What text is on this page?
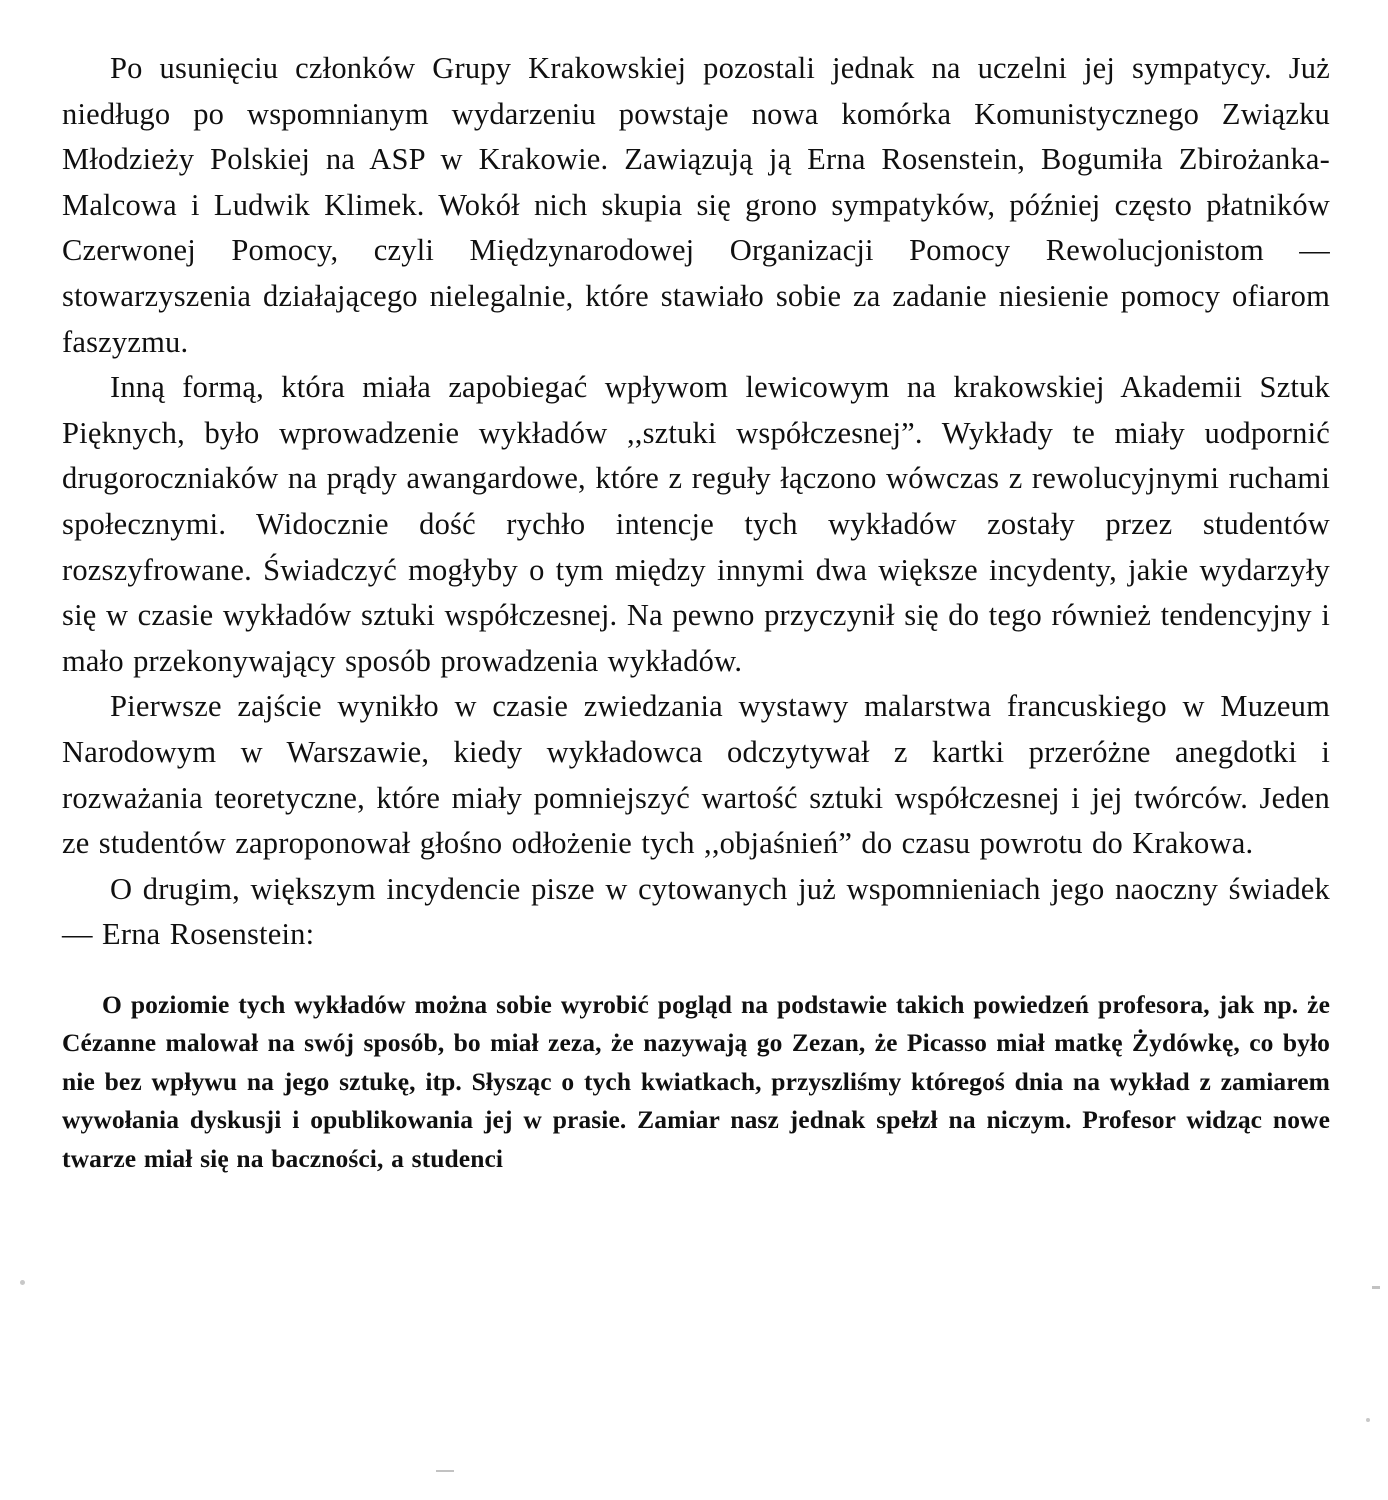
Po usunięciu członków Grupy Krakowskiej pozostali jednak na uczelni jej sympatycy. Już niedługo po wspomnianym wydarzeniu powstaje nowa komórka Komunistycznego Związku Młodzieży Polskiej na ASP w Krakowie. Zawiązują ją Erna Rosenstein, Bogumiła Zbirożanka-Malcowa i Ludwik Klimek. Wokół nich skupia się grono sympatyków, później często płatników Czerwonej Pomocy, czyli Międzynarodowej Organizacji Pomocy Rewolucjonistom — stowarzyszenia działającego nielegalnie, które stawiało sobie za zadanie niesienie pomocy ofiarom faszyzmu.

Inną formą, która miała zapobiegać wpływom lewicowym na krakowskiej Akademii Sztuk Pięknych, było wprowadzenie wykładów ,,sztuki współczesnej”. Wykłady te miały uodpornić drugoroczniaków na prądy awangardowe, które z reguły łączono wówczas z rewolucyjnymi ruchami społecznymi. Widocznie dość rychło intencje tych wykładów zostały przez studentów rozszyfrowane. Świadczyć mogłyby o tym między innymi dwa większe incydenty, jakie wydarzyły się w czasie wykładów sztuki współczesnej. Na pewno przyczynił się do tego również tendencyjny i mało przekonywający sposób prowadzenia wykładów.

Pierwsze zajście wynikło w czasie zwiedzania wystawy malarstwa francuskiego w Muzeum Narodowym w Warszawie, kiedy wykładowca odczytywał z kartki przeróżne anegdotki i rozważania teoretyczne, które miały pomniejszyć wartość sztuki współczesnej i jej twórców. Jeden ze studentów zaproponował głośno odłożenie tych ,,objaśnień” do czasu powrotu do Krakowa.

O drugim, większym incydencie pisze w cytowanych już wspomnieniach jego naoczny świadek — Erna Rosenstein:

O poziomie tych wykładów można sobie wyrobić pogląd na podstawie takich powiedzeń profesora, jak np. że Cézanne malował na swój sposób, bo miał zeza, że nazywają go Zezan, że Picasso miał matkę Żydówkę, co było nie bez wpływu na jego sztukę, itp. Słysząc o tych kwiatkach, przyszliśmy któregoś dnia na wykład z zamiarem wywołania dyskusji i opublikowania jej w prasie. Zamiar nasz jednak spełzł na niczym. Profesor widząc nowe twarze miał się na baczności, a studenci
